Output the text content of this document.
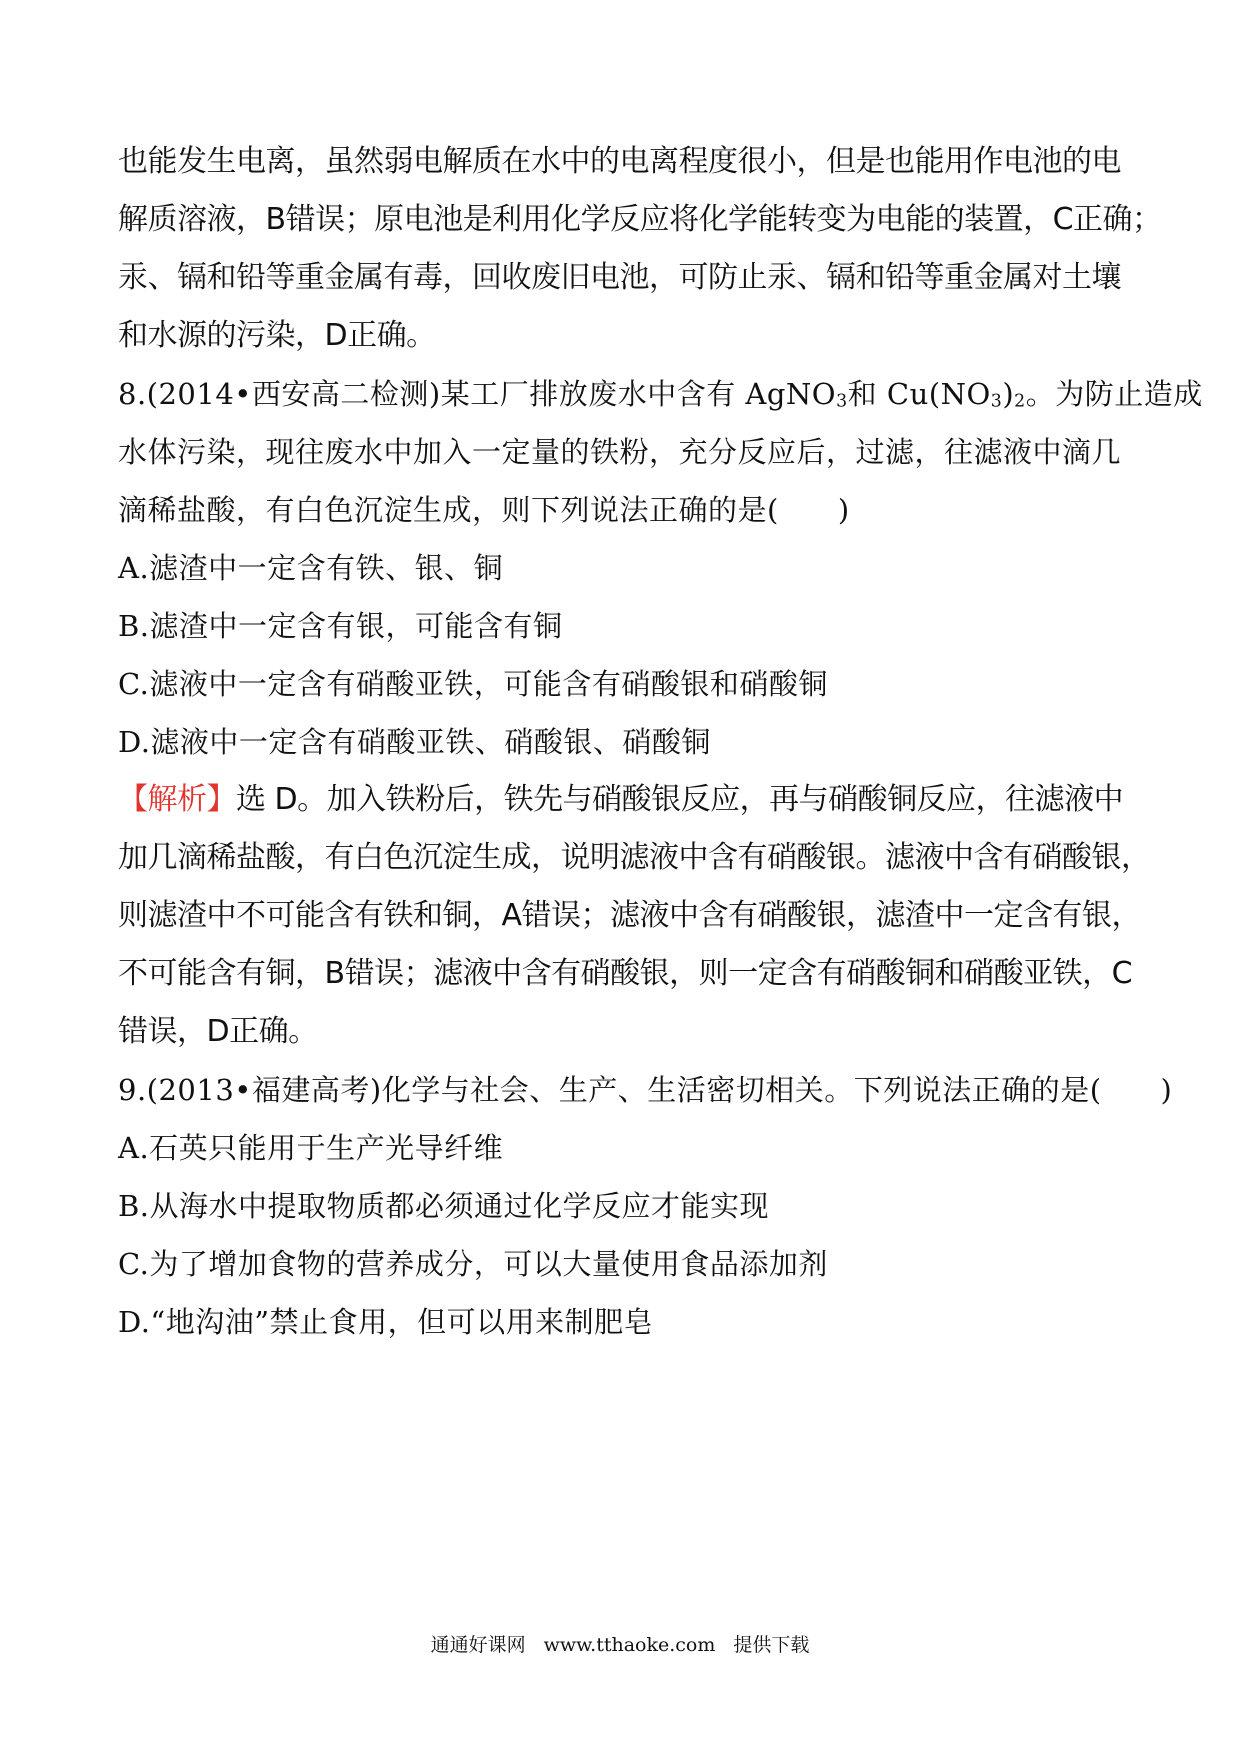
也能发生电离，虽然弱电解质在水中的电离程度很小，但是也能用作电池的电
解质溶液，B错误；原电池是利用化学反应将化学能转变为电能的装置，C正确；
汞、镉和铅等重金属有毒，回收废旧电池，可防止汞、镉和铅等重金属对土壤
和水源的污染，D正确。
8.(2014•西安高二检测)某工厂排放废水中含有 AgNO$_3$和 $Cu(NO_3)_2$。为防止造成
水体污染，现往废水中加入一定量的铁粉，充分反应后，过滤，往滤液中滴几
滴稀盐酸，有白色沉淀生成，则下列说法正确的是(　　)
A.滤渣中一定含有铁、银、铜
B.滤渣中一定含有银，可能含有铜
C.滤液中一定含有硝酸亚铁，可能含有硝酸银和硝酸铜
D.滤液中一定含有硝酸亚铁、硝酸银、硝酸铜
【解析】选 D。加入铁粉后，铁先与硝酸银反应，再与硝酸铜反应，往滤液中
加几滴稀盐酸，有白色沉淀生成，说明滤液中含有硝酸银。滤液中含有硝酸银，
则滤渣中不可能含有铁和铜，A错误；滤液中含有硝酸银，滤渣中一定含有银，
不可能含有铜，B错误；滤液中含有硝酸银，则一定含有硝酸铜和硝酸亚铁，C
错误，D正确。
9.(2013•福建高考)化学与社会、生产、生活密切相关。下列说法正确的是(　　)
A.石英只能用于生产光导纤维
B.从海水中提取物质都必须通过化学反应才能实现
C.为了增加食物的营养成分，可以大量使用食品添加剂
D.“地沟油”禁止食用，但可以用来制肥皂
通通好课网 www.tthaoke.com 提供下载
